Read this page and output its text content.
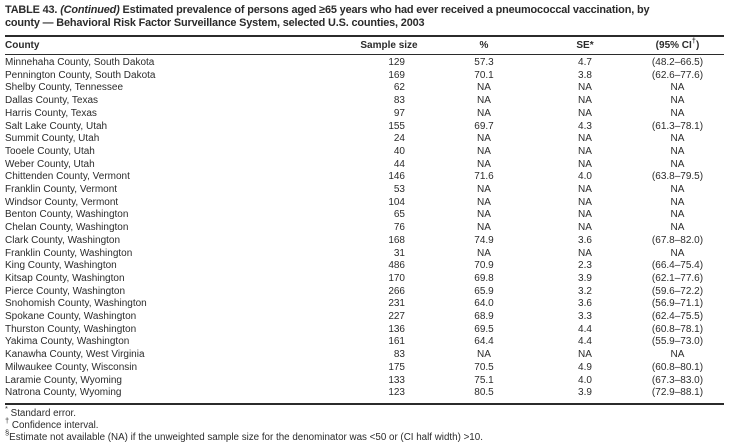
TABLE 43. (Continued) Estimated prevalence of persons aged ≥65 years who had ever received a pneumococcal vaccination, by
county — Behavioral Risk Factor Surveillance System, selected U.S. counties, 2003
County	Sample size	%	SE*	(95% CI†)
Minnehaha County, South Dakota	129	57.3	4.7	(48.2–66.5)
Pennington County, South Dakota	169	70.1	3.8	(62.6–77.6)
Shelby County, Tennessee	62	NA	NA	NA
Dallas County, Texas	83	NA	NA	NA
Harris County, Texas	97	NA	NA	NA
Salt Lake County, Utah	155	69.7	4.3	(61.3–78.1)
Summit County, Utah	24	NA	NA	NA
Tooele County, Utah	40	NA	NA	NA
Weber County, Utah	44	NA	NA	NA
Chittenden County, Vermont	146	71.6	4.0	(63.8–79.5)
Franklin County, Vermont	53	NA	NA	NA
Windsor County, Vermont	104	NA	NA	NA
Benton County, Washington	65	NA	NA	NA
Chelan County, Washington	76	NA	NA	NA
Clark County, Washington	168	74.9	3.6	(67.8–82.0)
Franklin County, Washington	31	NA	NA	NA
King County, Washington	486	70.9	2.3	(66.4–75.4)
Kitsap County, Washington	170	69.8	3.9	(62.1–77.6)
Pierce County, Washington	266	65.9	3.2	(59.6–72.2)
Snohomish County, Washington	231	64.0	3.6	(56.9–71.1)
Spokane County, Washington	227	68.9	3.3	(62.4–75.5)
Thurston County, Washington	136	69.5	4.4	(60.8–78.1)
Yakima County, Washington	161	64.4	4.4	(55.9–73.0)
Kanawha County, West Virginia	83	NA	NA	NA
Milwaukee County, Wisconsin	175	70.5	4.9	(60.8–80.1)
Laramie County, Wyoming	133	75.1	4.0	(67.3–83.0)
Natrona County, Wyoming	123	80.5	3.9	(72.9–88.1)
* Standard error.
† Confidence interval.
§Estimate not available (NA) if the unweighted sample size for the denominator was <50 or (CI half width) >10.
